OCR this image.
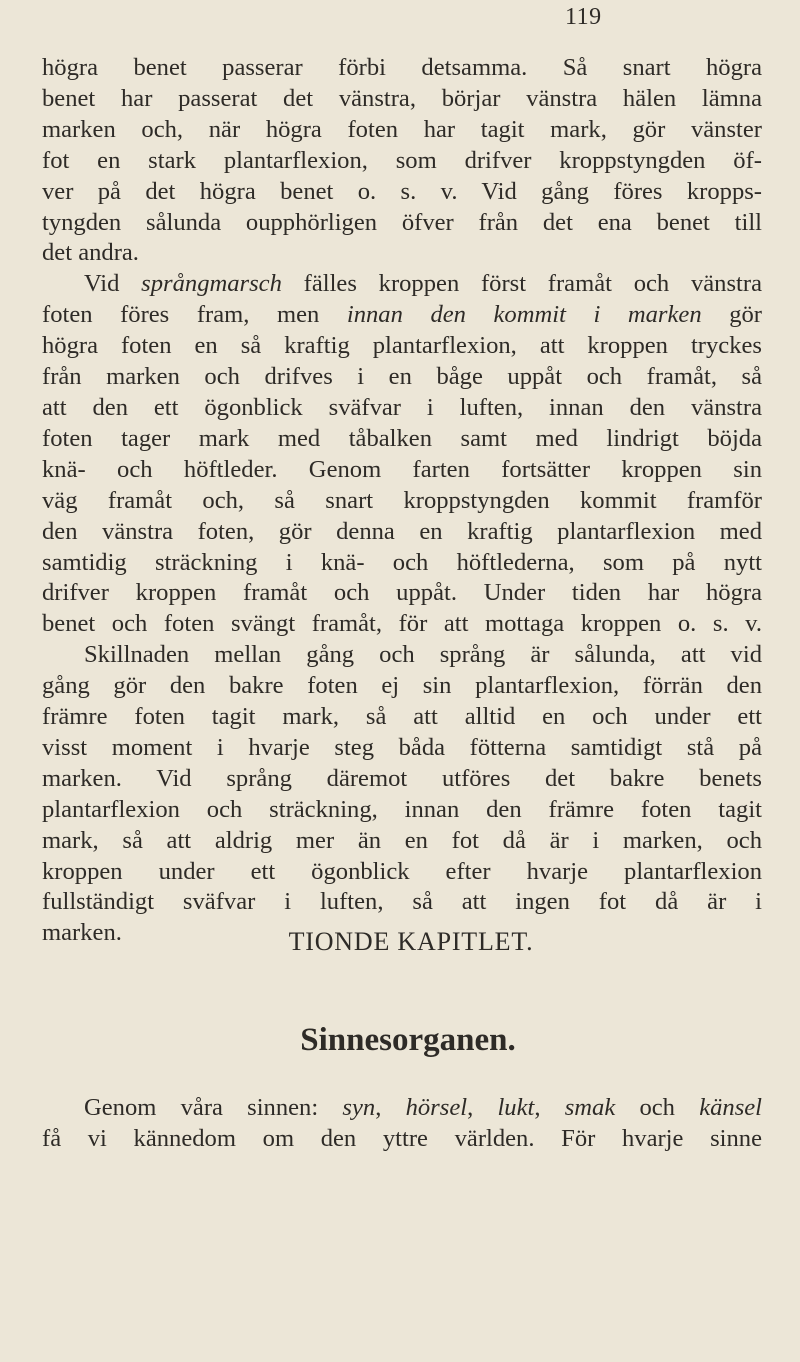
119
högra benet passerar förbi detsamma. Så snart högra
benet har passerat det vänstra, börjar vänstra hälen lämna
marken och, när högra foten har tagit mark, gör vänster
fot en stark plantarflexion, som drifver kroppstyngden öf-
ver på det högra benet o. s. v. Vid gång föres kropps-
tyngden sålunda oupphörligen öfver från det ena benet till
det andra.
Vid språngmarsch fälles kroppen först framåt och vänstra
foten föres fram, men innan den kommit i marken gör
högra foten en så kraftig plantarflexion, att kroppen tryckes
från marken och drifves i en båge uppåt och framåt, så
att den ett ögonblick sväfvar i luften, innan den vänstra
foten tager mark med tåbalken samt med lindrigt böjda
knä- och höftleder. Genom farten fortsätter kroppen sin
väg framåt och, så snart kroppstyngden kommit framför
den vänstra foten, gör denna en kraftig plantarflexion med
samtidig sträckning i knä- och höftlederna, som på nytt
drifver kroppen framåt och uppåt. Under tiden har högra
benet och foten svängt framåt, för att mottaga kroppen o. s. v.
Skillnaden mellan gång och språng är sålunda, att vid
gång gör den bakre foten ej sin plantarflexion, förrän den
främre foten tagit mark, så att alltid en och under ett
visst moment i hvarje steg båda fötterna samtidigt stå på
marken. Vid språng däremot utföres det bakre benets
plantarflexion och sträckning, innan den främre foten tagit
mark, så att aldrig mer än en fot då är i marken, och
kroppen under ett ögonblick efter hvarje plantarflexion
fullständigt sväfvar i luften, så att ingen fot då är i
marken.	TIONDE KAPITLET.
Sinnesorganen.
Genom våra sinnen: syn, hörsel, lukt, smak och känsel
få vi kännedom om den yttre världen. För hvarje sinne
